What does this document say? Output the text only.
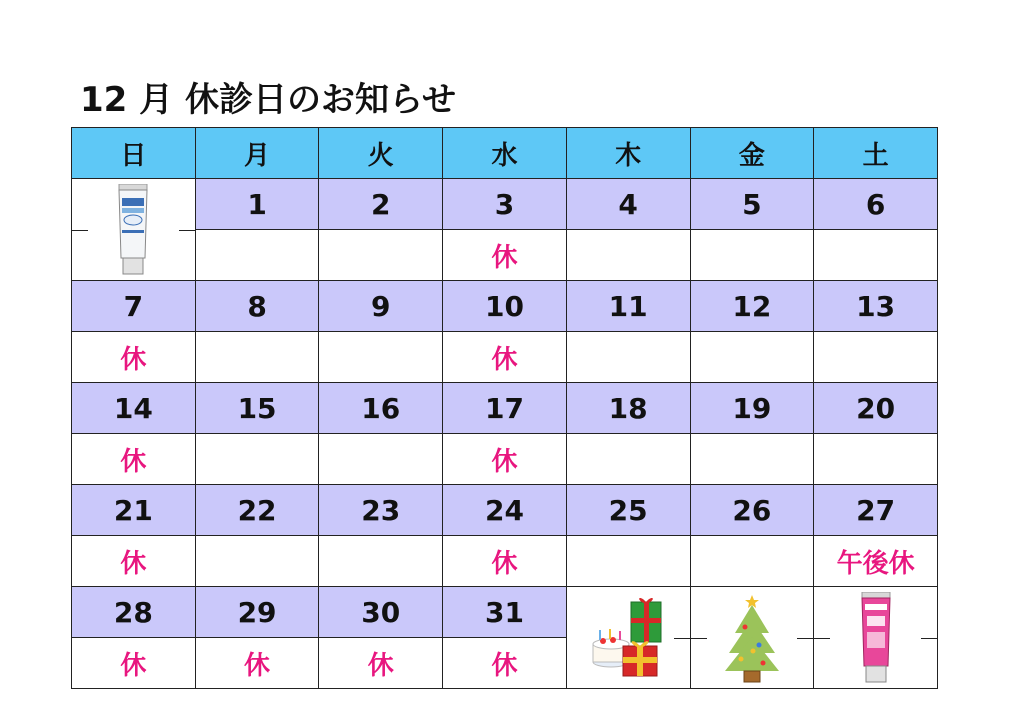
12 月 休診日のお知らせ
日	月	火	水	木	金	土

	1	2	3	4	5	6
			休			
7	8	9	10	11	12	13
休			休			
14	15	16	17	18	19	20
休			休			
21	22	23	24	25	26	27
休			休			午後休
28	29	30	31	

休	休	休	休			
